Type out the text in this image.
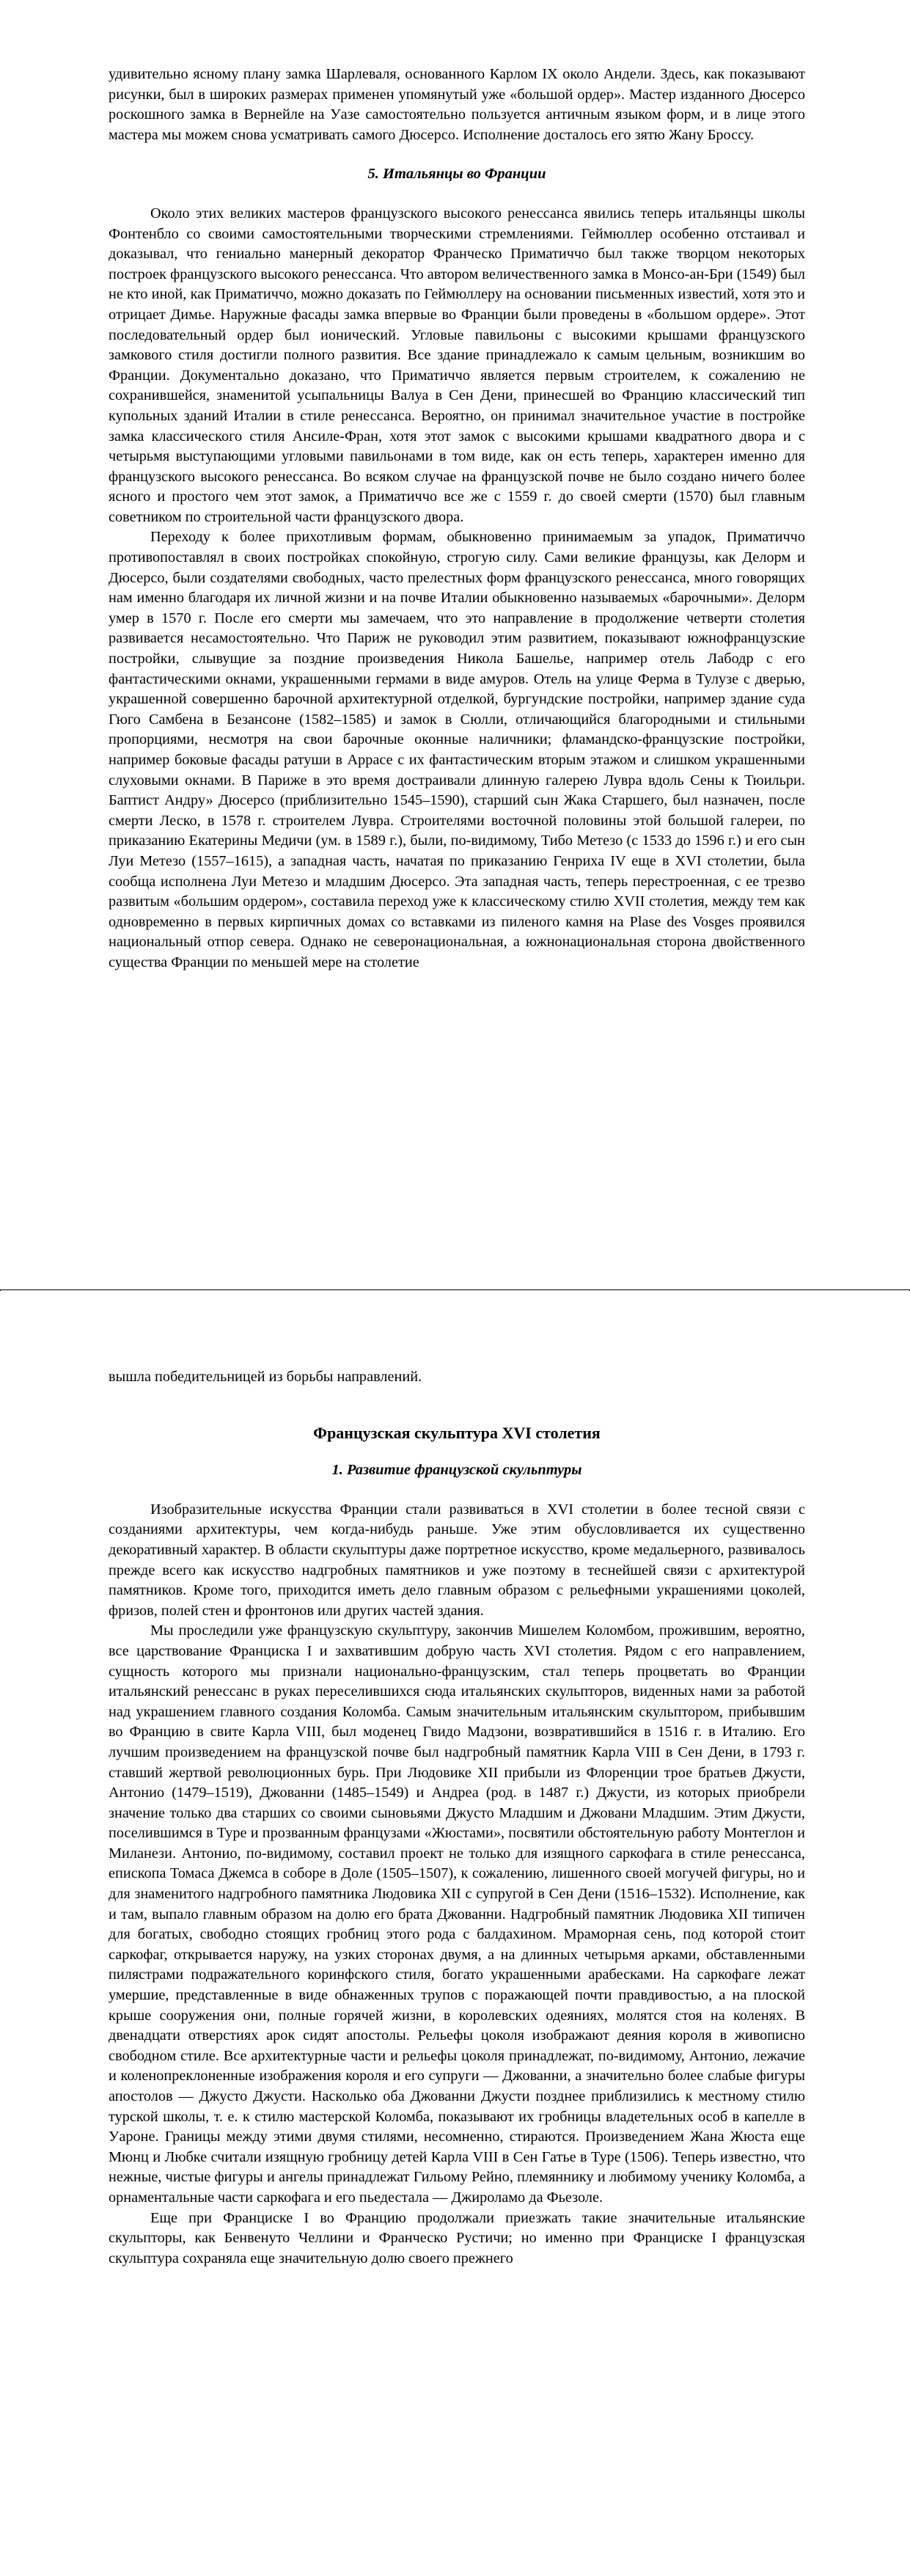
удивительно ясному плану замка Шарлеваля, основанного Карлом IX около Андели. Здесь, как показывают рисунки, был в широких размерах применен упомянутый уже «большой ордер». Мастер изданного Дюсерсо роскошного замка в Вернейле на Уазе самостоятельно пользуется античным языком форм, и в лице этого мастера мы можем снова усматривать самого Дюсерсо. Исполнение досталось его зятю Жану Броссу.

5. Итальянцы во Франции

Около этих великих мастеров французского высокого ренессанса явились теперь итальянцы школы Фонтенбло со своими самостоятельными творческими стремлениями. Геймюллер особенно отстаивал и доказывал, что гениально манерный декоратор Франческо Приматиччо был также творцом некоторых построек французского высокого ренессанса. Что автором величественного замка в Монсо-ан-Бри (1549) был не кто иной, как Приматиччо, можно доказать по Геймюллеру на основании письменных известий, хотя это и отрицает Димье. Наружные фасады замка впервые во Франции были проведены в «большом ордере». Этот последовательный ордер был ионический. Угловые павильоны с высокими крышами французского замкового стиля достигли полного развития. Все здание принадлежало к самым цельным, возникшим во Франции. Документально доказано, что Приматиччо является первым строителем, к сожалению не сохранившейся, знаменитой усыпальницы Валуа в Сен Дени, принесшей во Францию классический тип купольных зданий Италии в стиле ренессанса. Вероятно, он принимал значительное участие в постройке замка классического стиля Ансиле-Фран, хотя этот замок с высокими крышами квадратного двора и с четырьмя выступающими угловыми павильонами в том виде, как он есть теперь, характерен именно для французского высокого ренессанса. Во всяком случае на французской почве не было создано ничего более ясного и простого чем этот замок, а Приматиччо все же с 1559 г. до своей смерти (1570) был главным советником по строительной части французского двора.

Переходу к более прихотливым формам, обыкновенно принимаемым за упадок, Приматиччо противопоставлял в своих постройках спокойную, строгую силу. Сами великие французы, как Делорм и Дюсерсо, были создателями свободных, часто прелестных форм французского ренессанса, много говорящих нам именно благодаря их личной жизни и на почве Италии обыкновенно называемых «барочными». Делорм умер в 1570 г. После его смерти мы замечаем, что это направление в продолжение четверти столетия развивается несамостоятельно. Что Париж не руководил этим развитием, показывают южнофранцузские постройки, слывущие за поздние произведения Никола Башелье, например отель Лабодр с его фантастическими окнами, украшенными гермами в виде амуров. Отель на улице Ферма в Тулузе с дверью, украшенной совершенно барочной архитектурной отделкой, бургундские постройки, например здание суда Гюго Самбена в Безансоне (1582–1585) и замок в Сюлли, отличающийся благородными и стильными пропорциями, несмотря на свои барочные оконные наличники; фламандско-французские постройки, например боковые фасады ратуши в Аррасе с их фантастическим вторым этажом и слишком украшенными слуховыми окнами. В Париже в это время достраивали длинную галерею Лувра вдоль Сены к Тюильри. Баптист Андру» Дюсерсо (приблизительно 1545–1590), старший сын Жака Старшего, был назначен, после смерти Леско, в 1578 г. строителем Лувра. Строителями восточной половины этой большой галереи, по приказанию Екатерины Медичи (ум. в 1589 г.), были, по-видимому, Тибо Метезо (с 1533 до 1596 г.) и его сын Луи Метезо (1557–1615), а западная часть, начатая по приказанию Генриха IV еще в XVI столетии, была сообща исполнена Луи Метезо и младшим Дюсерсо. Эта западная часть, теперь перестроенная, с ее трезво развитым «большим ордером», составила переход уже к классическому стилю XVII столетия, между тем как одновременно в первых кирпичных домах со вставками из пиленого камня на Plase des Vosges проявился национальный отпор севера. Однако не северонациональная, а южнонациональная сторона двойственного существа Франции по меньшей мере на столетие

вышла победительницей из борьбы направлений.

Французская скульптура XVI столетия
1. Развитие французской скульптуры

Изобразительные искусства Франции стали развиваться в XVI столетии в более тесной связи с созданиями архитектуры, чем когда-нибудь раньше. Уже этим обусловливается их существенно декоративный характер. В области скульптуры даже портретное искусство, кроме медальерного, развивалось прежде всего как искусство надгробных памятников и уже поэтому в теснейшей связи с архитектурой памятников. Кроме того, приходится иметь дело главным образом с рельефными украшениями цоколей, фризов, полей стен и фронтонов или других частей здания.

Мы проследили уже французскую скульптуру, закончив Мишелем Коломбом, прожившим, вероятно, все царствование Франциска I и захватившим добрую часть XVI столетия. Рядом с его направлением, сущность которого мы признали национально-французским, стал теперь процветать во Франции итальянский ренессанс в руках переселившихся сюда итальянских скульпторов, виденных нами за работой над украшением главного создания Коломба. Самым значительным итальянским скульптором, прибывшим во Францию в свите Карла VIII, был моденец Гвидо Мадзони, возвратившийся в 1516 г. в Италию. Его лучшим произведением на французской почве был надгробный памятник Карла VIII в Сен Дени, в 1793 г. ставший жертвой революционных бурь. При Людовике XII прибыли из Флоренции трое братьев Джусти, Антонио (1479–1519), Джованни (1485–1549) и Андреа (род. в 1487 г.) Джусти, из которых приобрели значение только два старших со своими сыновьями Джусто Младшим и Джовани Младшим. Этим Джусти, поселившимся в Туре и прозванным французами «Жюстами», посвятили обстоятельную работу Монтеглон и Миланези. Антонио, по-видимому, составил проект не только для изящного саркофага в стиле ренессанса, епископа Томаса Джемса в соборе в Доле (1505–1507), к сожалению, лишенного своей могучей фигуры, но и для знаменитого надгробного памятника Людовика XII с супругой в Сен Дени (1516–1532). Исполнение, как и там, выпало главным образом на долю его брата Джованни. Надгробный памятник Людовика XII типичен для богатых, свободно стоящих гробниц этого рода с балдахином. Мраморная сень, под которой стоит саркофаг, открывается наружу, на узких сторонах двумя, а на длинных четырьмя арками, обставленными пилястрами подражательного коринфского стиля, богато украшенными арабесками. На саркофаге лежат умершие, представленные в виде обнаженных трупов с поражающей почти правдивостью, а на плоской крыше сооружения они, полные горячей жизни, в королевских одеяниях, молятся стоя на коленях. В двенадцати отверстиях арок сидят апостолы. Рельефы цоколя изображают деяния короля в живописно свободном стиле. Все архитектурные части и рельефы цоколя принадлежат, по-видимому, Антонио, лежачие и коленопреклоненные изображения короля и его супруги — Джованни, а значительно более слабые фигуры апостолов — Джусто Джусти. Насколько оба Джованни Джусти позднее приблизились к местному стилю турской школы, т. е. к стилю мастерской Коломба, показывают их гробницы владетельных особ в капелле в Уароне. Границы между этими двумя стилями, несомненно, стираются. Произведением Жана Жюста еще Мюнц и Любке считали изящную гробницу детей Карла VIII в Сен Гатье в Туре (1506). Теперь известно, что нежные, чистые фигуры и ангелы принадлежат Гильому Рейно, племяннику и любимому ученику Коломба, а орнаментальные части саркофага и его пьедестала — Джироламо да Фьезоле.

Еще при Франциске I во Францию продолжали приезжать такие значительные итальянские скульпторы, как Бенвенуто Челлини и Франческо Рустичи; но именно при Франциске I французская скульптура сохраняла еще значительную долю своего прежнего
